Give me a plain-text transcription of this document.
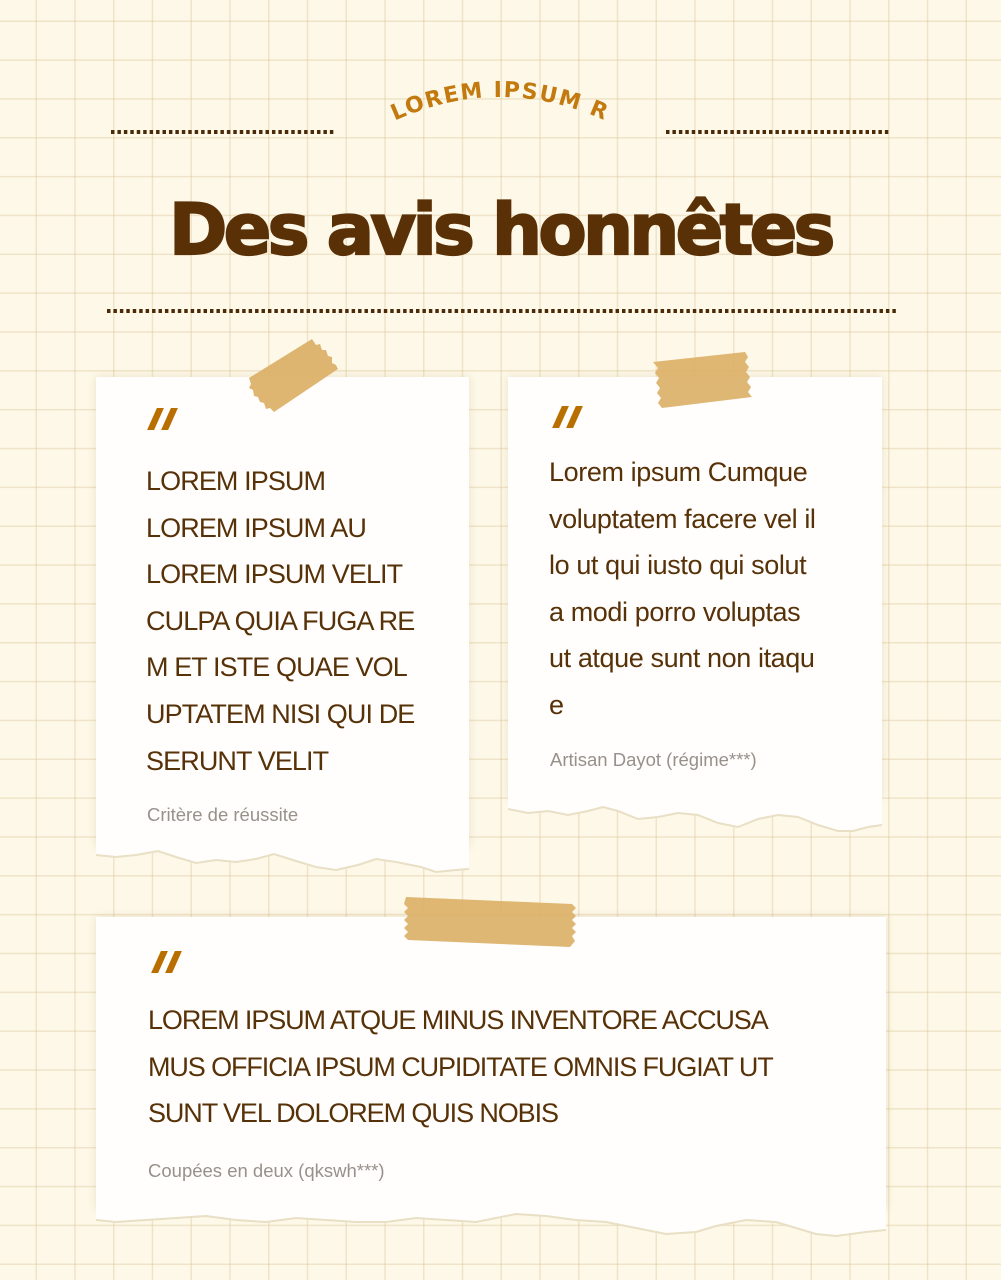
LOREM IPSUM R
Des avis honnêtes
LOREM IPSUM
LOREM IPSUM AU
LOREM IPSUM VELIT
CULPA QUIA FUGA RE
M ET ISTE QUAE VOL
UPTATEM NISI QUI DE
SERUNT VELIT
Critère de réussite
Lorem ipsum Cumque
voluptatem facere vel il
lo ut qui iusto qui solut
a modi porro voluptas
ut atque sunt non itaqu
e
Artisan Dayot (régime***)
LOREM IPSUM ATQUE MINUS INVENTORE ACCUSA
MUS OFFICIA IPSUM CUPIDITATE OMNIS FUGIAT UT
SUNT VEL DOLOREM QUIS NOBIS
Coupées en deux (qkswh***)
